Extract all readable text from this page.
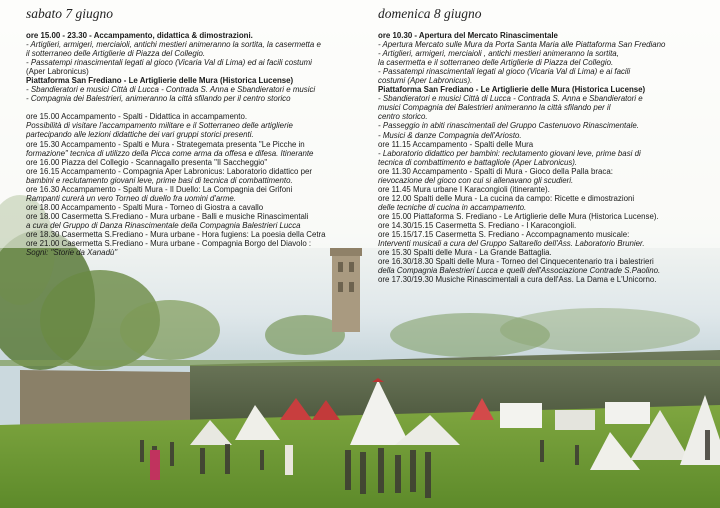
sabato 7 giugno
ore 15.00 - 23.30 - Accampamento, didattica & dimostrazioni.
- Artiglieri, armigeri, merciaioli, antichi mestieri animeranno la sortita, la casermetta e
il sotterraneo delle Artiglierie di Piazza del Collegio.
- Passatempi rinascimentali legati al gioco (Vicaria Val di Lima) ed ai facili costumi
(Aper Labronicus)
Piattaforma San Frediano - Le Artiglierie delle Mura (Historica Lucense)
- Sbandieratori e musici Città di Lucca - Contrada S. Anna e Sbandieratori e musici
- Compagnia dei Balestrieri, animeranno la città sfilando per il centro storico
ore 15.00 Accampamento - Spalti - Didattica in accampamento.
Possibilità di visitare l'accampamento militare e il Sotterraneo delle artiglierie
partecipando alle lezioni didattiche dei vari gruppi storici presenti.
ore 15.30 Accampamento - Spalti e Mura - Strategemata presenta "Le Picche in
formazione" tecnica di utilizzo della Picca come arma da offesa e difesa. Itinerante
ore 16.00 Piazza del Collegio - Scannagallo presenta "Il Saccheggio"
ore 16.15 Accampamento - Compagnia Aper Labronicus: Laboratorio didattico per
bambini e reclutamento giovani leve, prime basi di tecnica di combattimento.
ore 16.30 Accampamento - Spalti Mura - Il Duello: La Compagnia dei Grifoni
Rampanti curerà un vero Torneo di duello fra uomini d'arme.
ore 18.00 Accampamento - Spalti Mura - Torneo di Giostra a cavallo
ore 18.00 Casermetta S.Frediano - Mura urbane - Balli e musiche Rinascimentali
a cura del Gruppo di Danza Rinascimentale della Compagnia Balestrieri Lucca
ore 18.30 Casermetta S.Frediano - Mura urbane - Hora fugiens: La poesia della Cetra
ore 21.00 Casermetta S.Frediano - Mura urbane - Compagnia Borgo del Diavolo :
Sogni: "Storie da Xanadù"
domenica 8 giugno
ore 10.30 - Apertura del Mercato Rinascimentale
- Apertura Mercato sulle Mura da Porta Santa Maria alle Piattaforma San Frediano
- Artiglieri, armigeri, merciaioli , antichi mestieri animeranno la sortita,
la casermetta e il sotterraneo delle Artiglierie di Piazza del Collegio.
- Passatempi rinascimentali legati al gioco (Vicaria Val di Lima) e ai facili
costumi (Aper Labronicus).
Piattaforma San Frediano - Le Artiglierie delle Mura (Historica Lucense)
- Sbandieratori e musici Città di Lucca - Contrada S. Anna e Sbandieratori e
musici Compagnia dei Balestrieri animeranno la città sfilando per il
centro storico.
- Passeggio in abiti rinascimentali del Gruppo Castenuovo Rinascimentale.
- Musici & danze Compagnia dell'Ariosto.
ore 11.15 Accampamento - Spalti delle Mura
- Laboratorio didattico per bambini: reclutamento giovani leve, prime basi di
tecnica di combattimento e battagliole (Aper Labronicus).
ore 11.30 Accampamento - Spalti di Mura - Gioco della Palla braca:
rievocazione del gioco con cui si allenavano gli scudieri.
ore 11.45 Mura urbane I Karacongioli (itinerante).
ore 12.00 Spalti delle Mura - La cucina da campo: Ricette e dimostrazioni
delle tecniche di cucina in accampamento.
ore 15.00 Piattaforma S. Frediano - Le Artiglierie delle Mura (Historica Lucense).
ore 14.30/15.15 Casermetta S. Frediano - I Karacongioli.
ore 15.15/17.15 Casermetta S. Frediano - Accompagnamento musicale:
Interventi musicali a cura del Gruppo Saltarello dell'Ass. Laboratorio Brunier.
ore 15.30 Spalti delle Mura - La Grande Battaglia.
ore 16.30/18.30 Spalti delle Mura - Torneo del Cinquecentenario tra i balestrieri
della Compagnia Balestrieri Lucca e quelli dell'Associazione Contrade S.Paolino.
ore 17.30/19.30 Musiche Rinascimentali a cura dell'Ass. La Dama e L'Unicorno.
